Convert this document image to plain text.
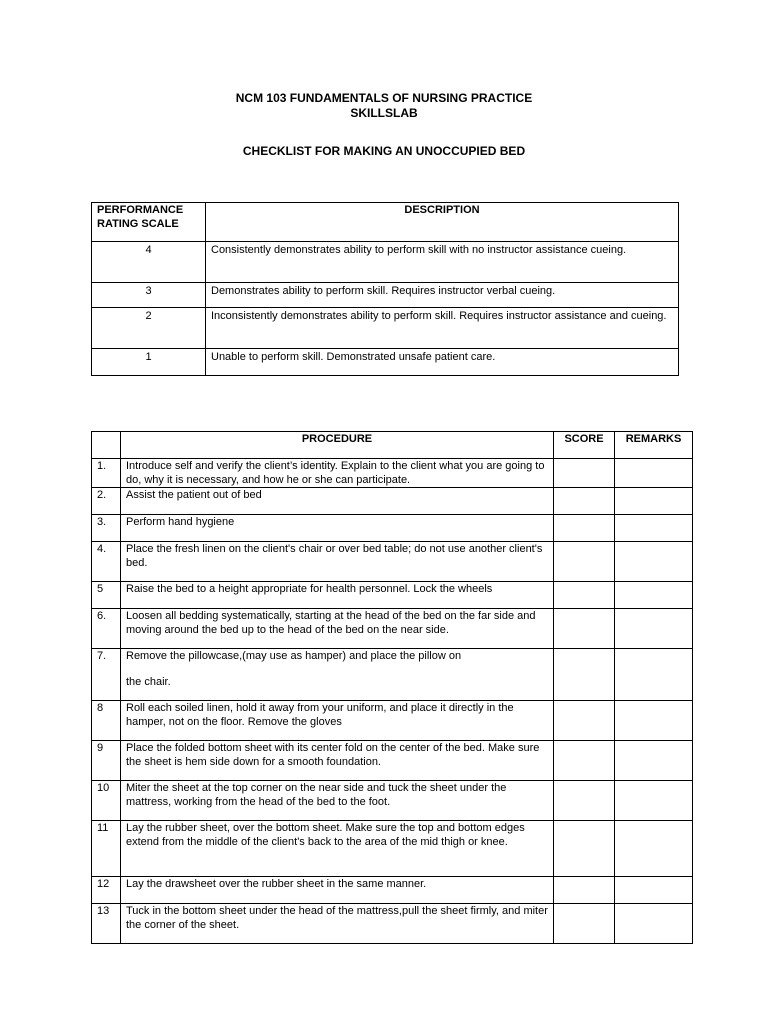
NCM 103 FUNDAMENTALS OF NURSING PRACTICE
SKILLSLAB
CHECKLIST FOR MAKING AN UNOCCUPIED BED
PERFORMANCE RATING SCALE	DESCRIPTION
4	Consistently demonstrates ability to perform skill with no instructor assistance cueing.
3	Demonstrates ability to perform skill. Requires instructor verbal cueing.
2	Inconsistently demonstrates ability to perform skill. Requires instructor assistance and cueing.
1	Unable to perform skill. Demonstrated unsafe patient care.
	PROCEDURE	SCORE	REMARKS
1.	Introduce self and verify the client’s identity. Explain to the client what you are going to do, why it is necessary, and how he or she can participate.		
2.	Assist the patient out of bed		
3.	Perform hand hygiene		
4.	Place the fresh linen on the client's chair or over bed table; do not use another client's bed.		
5	Raise the bed to a height appropriate for health personnel. Lock the wheels		
6.	Loosen all bedding systematically, starting at the head of the bed on the far side and moving around the bed up to the head of the bed on the near side.		
7.	Remove the pillowcase,(may use as hamper) and place the pillow on
the chair.		

8	Roll each soiled linen, hold it away from your uniform, and place it directly in the hamper, not on the floor. Remove the gloves		
9	Place the folded bottom sheet with its center fold on the center of the bed. Make sure the sheet is hem side down for a smooth foundation.		
10	Miter the sheet at the top corner on the near side and tuck the sheet under the mattress, working from the head of the bed to the foot.		
11	Lay the rubber sheet, over the bottom sheet. Make sure the top and bottom edges extend from the middle of the client's back to the area of the mid thigh or knee.		
12	Lay the drawsheet over the rubber sheet in the same manner.		
13	Tuck in the bottom sheet under the head of the mattress,pull the sheet firmly, and miter the corner of the sheet.		
